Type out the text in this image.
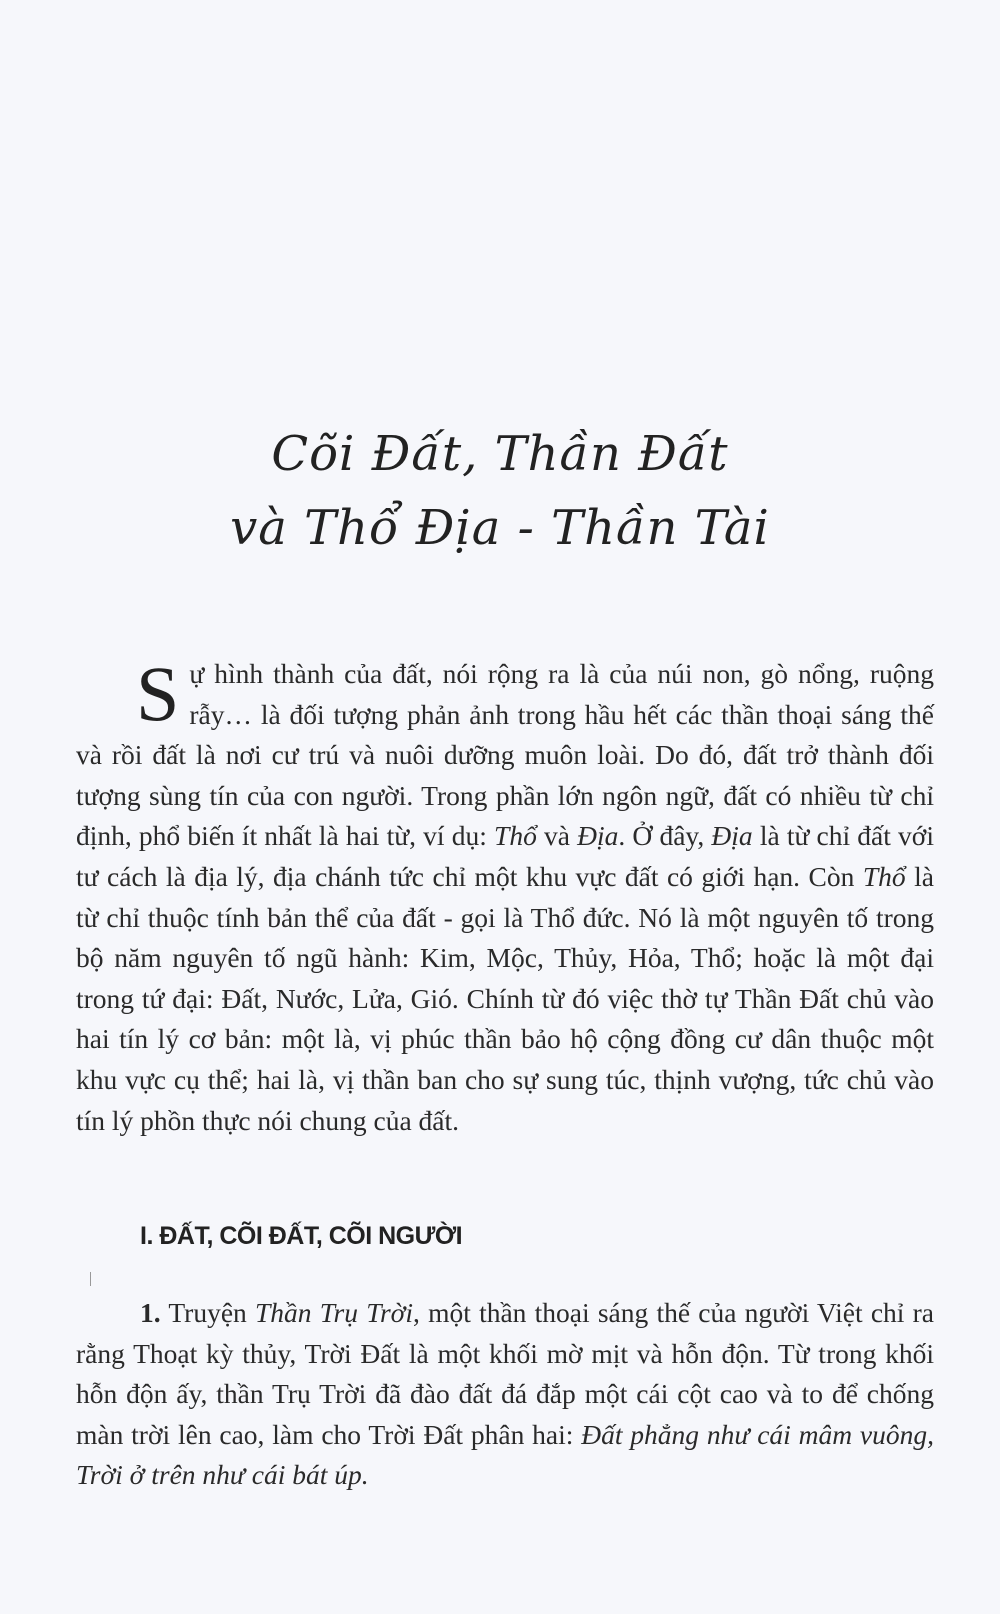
Cõi Đất, Thần Đất
và Thổ Địa - Thần Tài

Sự hình thành của đất, nói rộng ra là của núi non, gò nổng, ruộng rẫy… là đối tượng phản ảnh trong hầu hết các thần thoại sáng thế và rồi đất là nơi cư trú và nuôi dưỡng muôn loài. Do đó, đất trở thành đối tượng sùng tín của con người. Trong phần lớn ngôn ngữ, đất có nhiều từ chỉ định, phổ biến ít nhất là hai từ, ví dụ: Thổ và Địa. Ở đây, Địa là từ chỉ đất với tư cách là địa lý, địa chánh tức chỉ một khu vực đất có giới hạn. Còn Thổ là từ chỉ thuộc tính bản thể của đất - gọi là Thổ đức. Nó là một nguyên tố trong bộ năm nguyên tố ngũ hành: Kim, Mộc, Thủy, Hỏa, Thổ; hoặc là một đại trong tứ đại: Đất, Nước, Lửa, Gió. Chính từ đó việc thờ tự Thần Đất chủ vào hai tín lý cơ bản: một là, vị phúc thần bảo hộ cộng đồng cư dân thuộc một khu vực cụ thể; hai là, vị thần ban cho sự sung túc, thịnh vượng, tức chủ vào tín lý phồn thực nói chung của đất.

I. ĐẤT, CÕI ĐẤT, CÕI NGƯỜI

1. Truyện Thần Trụ Trời, một thần thoại sáng thế của người Việt chỉ ra rằng Thoạt kỳ thủy, Trời Đất là một khối mờ mịt và hỗn độn. Từ trong khối hỗn độn ấy, thần Trụ Trời đã đào đất đá đắp một cái cột cao và to để chống màn trời lên cao, làm cho Trời Đất phân hai: Đất phẳng như cái mâm vuông, Trời ở trên như cái bát úp.
